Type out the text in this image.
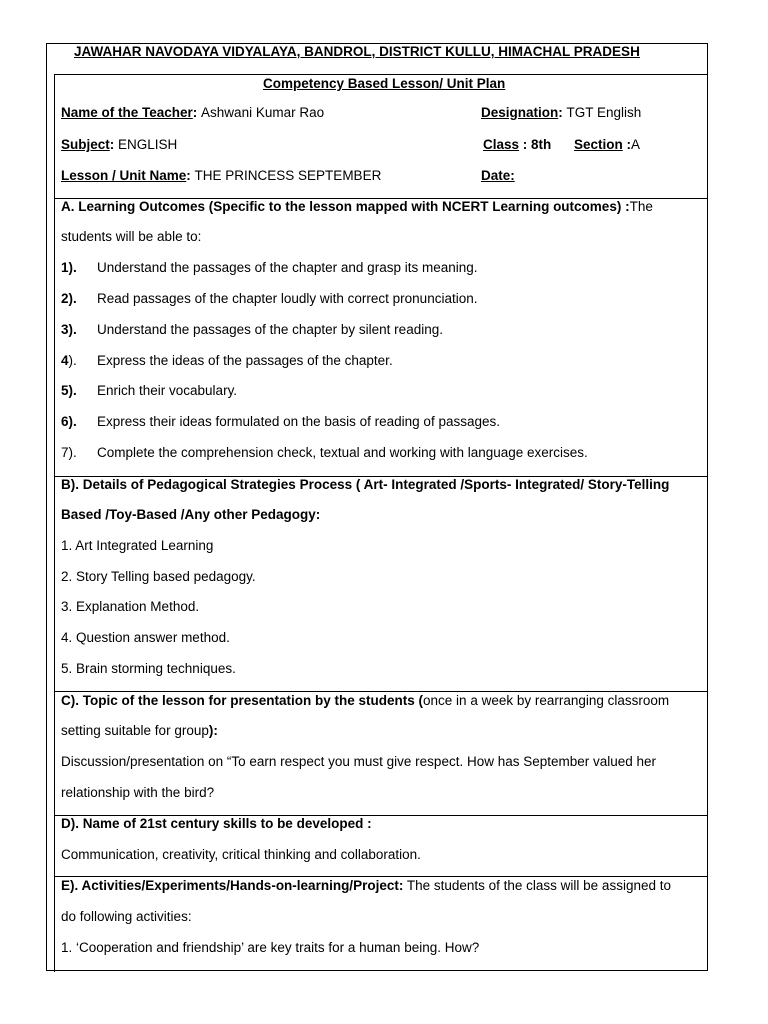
JAWAHAR NAVODAYA VIDYALAYA, BANDROL, DISTRICT KULLU, HIMACHAL PRADESH
Competency Based Lesson/ Unit Plan
Name of the Teacher: Ashwani Kumar Rao	Designation: TGT English
Subject: ENGLISH	Class : 8th Section :A
Lesson / Unit Name: THE PRINCESS SEPTEMBER	Date:
A. Learning Outcomes (Specific to the lesson mapped with NCERT Learning outcomes) :The
students will be able to:
1). Understand the passages of the chapter and grasp its meaning.
2). Read passages of the chapter loudly with correct pronunciation.
3). Understand the passages of the chapter by silent reading.
4). Express the ideas of the passages of the chapter.
5). Enrich their vocabulary.
6). Express their ideas formulated on the basis of reading of passages.
7). Complete the comprehension check, textual and working with language exercises.
B). Details of Pedagogical Strategies Process ( Art- Integrated /Sports- Integrated/ Story-Telling
Based /Toy-Based /Any other Pedagogy:
1. Art Integrated Learning
2. Story Telling based pedagogy.
3. Explanation Method.
4. Question answer method.
5. Brain storming techniques.
C). Topic of the lesson for presentation by the students (once in a week by rearranging classroom
setting suitable for group):
Discussion/presentation on “To earn respect you must give respect. How has September valued her
relationship with the bird?
D). Name of 21st century skills to be developed :
Communication, creativity, critical thinking and collaboration.
E). Activities/Experiments/Hands-on-learning/Project: The students of the class will be assigned to
do following activities:
1. ‘Cooperation and friendship’ are key traits for a human being. How?
